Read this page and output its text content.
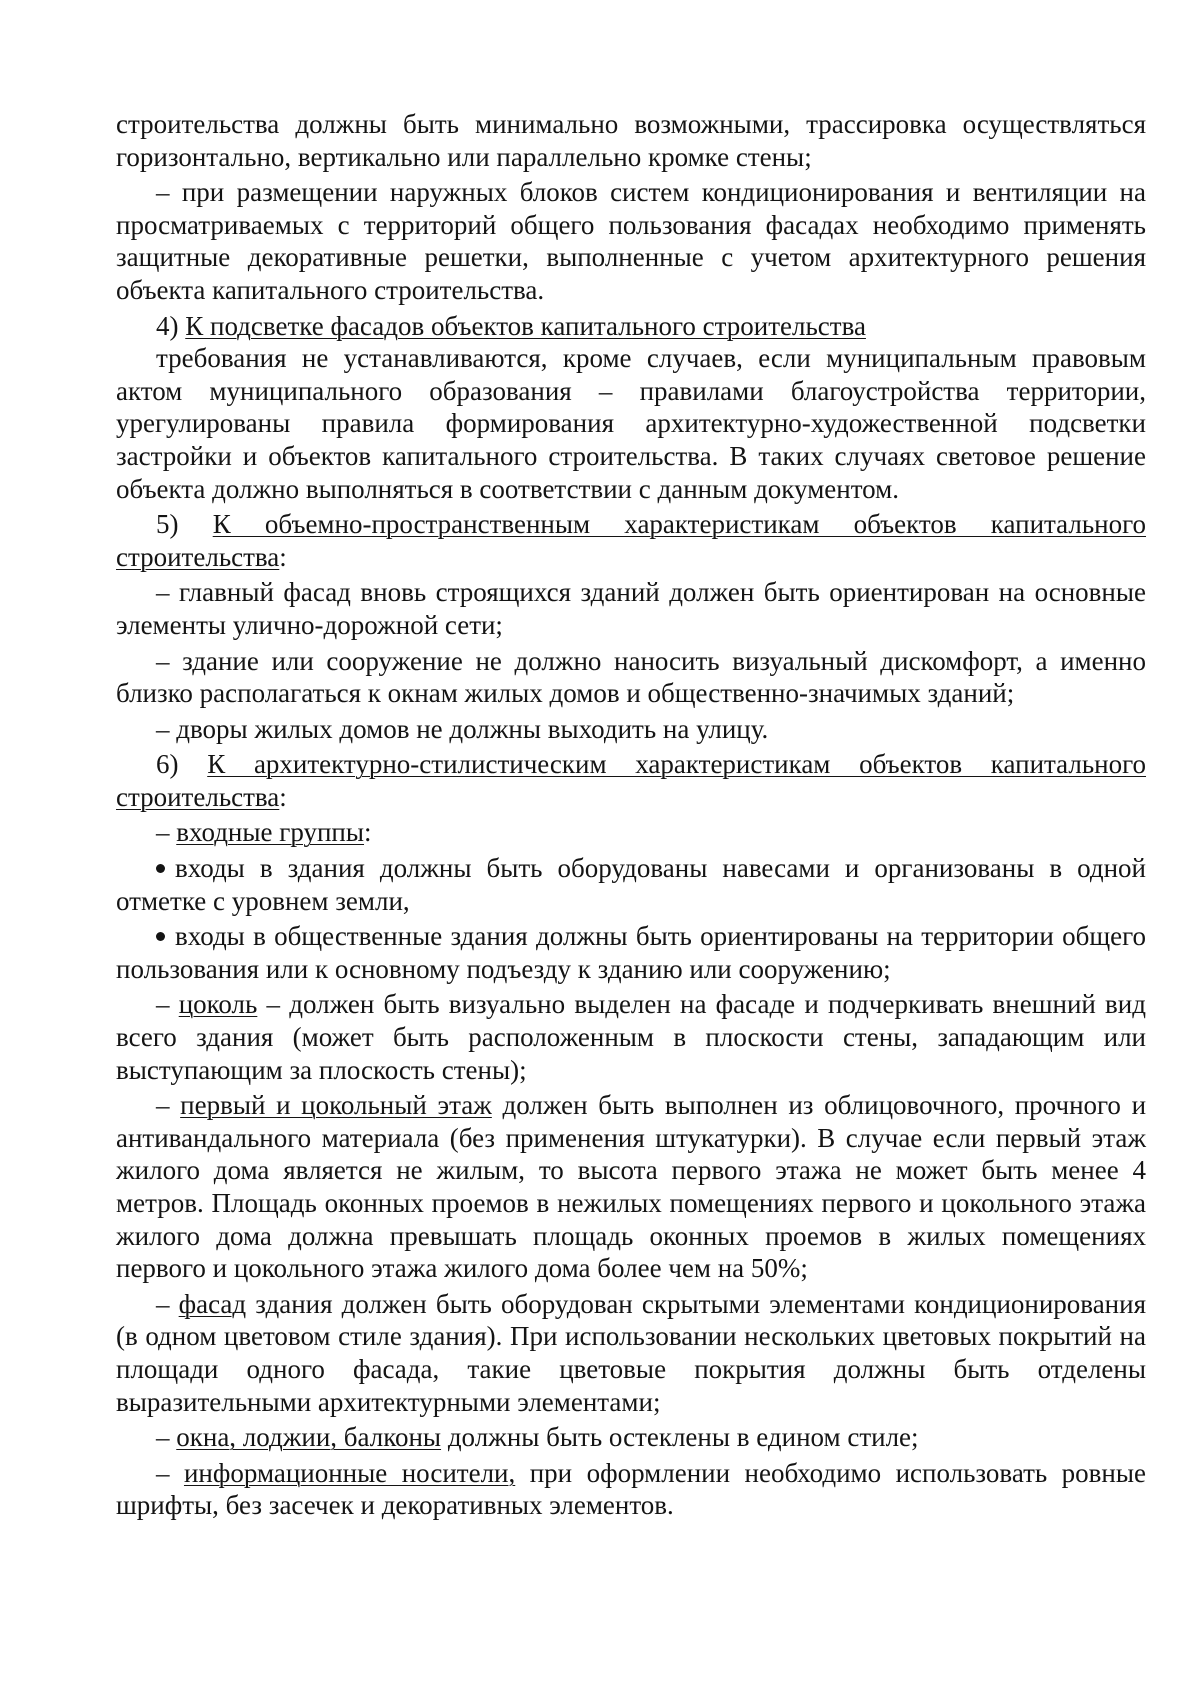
строительства должны быть минимально возможными, трассировка осуществляться горизонтально, вертикально или параллельно кромке стены;

– при размещении наружных блоков систем кондиционирования и вентиляции на просматриваемых с территорий общего пользования фасадах необходимо применять защитные декоративные решетки, выполненные с учетом архитектурного решения объекта капитального строительства.

4) К подсветке фасадов объектов капитального строительства

требования не устанавливаются, кроме случаев, если муниципальным правовым актом муниципального образования – правилами благоустройства территории, урегулированы правила формирования архитектурно-художественной подсветки застройки и объектов капитального строительства. В таких случаях световое решение объекта должно выполняться в соответствии с данным документом.

5) К объемно-пространственным характеристикам объектов капитального строительства:

– главный фасад вновь строящихся зданий должен быть ориентирован на основные элементы улично-дорожной сети;

– здание или сооружение не должно наносить визуальный дискомфорт, а именно близко располагаться к окнам жилых домов и общественно-значимых зданий;

– дворы жилых домов не должны выходить на улицу.

6) К архитектурно-стилистическим характеристикам объектов капитального строительства:

– входные группы:

входы в здания должны быть оборудованы навесами и организованы в одной отметке с уровнем земли,

входы в общественные здания должны быть ориентированы на территории общего пользования или к основному подъезду к зданию или сооружению;

– цоколь – должен быть визуально выделен на фасаде и подчеркивать внешний вид всего здания (может быть расположенным в плоскости стены, западающим или выступающим за плоскость стены);

– первый и цокольный этаж должен быть выполнен из облицовочного, прочного и антивандального материала (без применения штукатурки). В случае если первый этаж жилого дома является не жилым, то высота первого этажа не может быть менее 4 метров. Площадь оконных проемов в нежилых помещениях первого и цокольного этажа жилого дома должна превышать площадь оконных проемов в жилых помещениях первого и цокольного этажа жилого дома более чем на 50%;

– фасад здания должен быть оборудован скрытыми элементами кондиционирования (в одном цветовом стиле здания). При использовании нескольких цветовых покрытий на площади одного фасада, такие цветовые покрытия должны быть отделены выразительными архитектурными элементами;

– окна, лоджии, балконы должны быть остеклены в едином стиле;

– информационные носители, при оформлении необходимо использовать ровные шрифты, без засечек и декоративных элементов.
